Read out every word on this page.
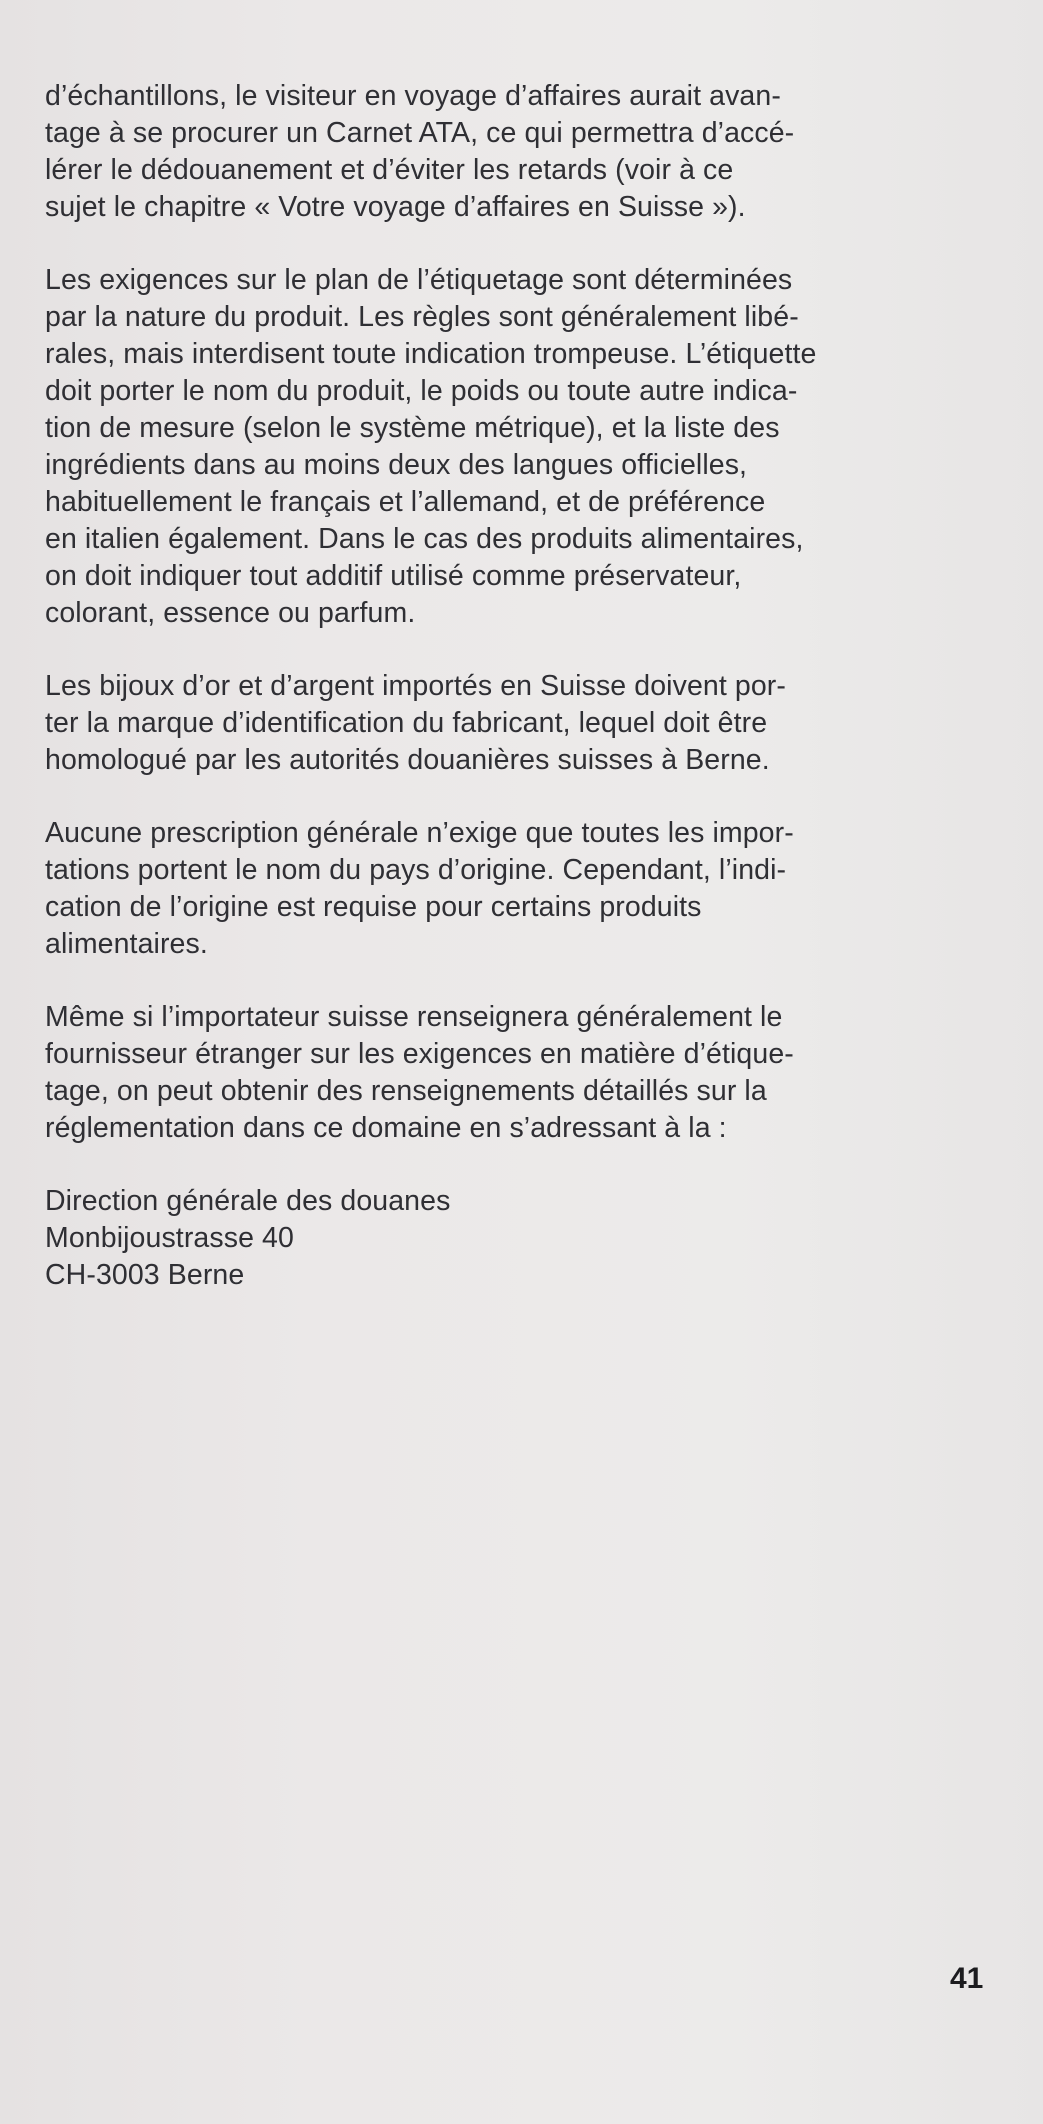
d’échantillons, le visiteur en voyage d’affaires aurait avan-
tage à se procurer un Carnet ATA, ce qui permettra d’accé-
lérer le dédouanement et d’éviter les retards (voir à ce
sujet le chapitre « Votre voyage d’affaires en Suisse »).

Les exigences sur le plan de l’étiquetage sont déterminées
par la nature du produit. Les règles sont généralement libé-
rales, mais interdisent toute indication trompeuse. L’étiquette
doit porter le nom du produit, le poids ou toute autre indica-
tion de mesure (selon le système métrique), et la liste des
ingrédients dans au moins deux des langues officielles,
habituellement le français et l’allemand, et de préférence
en italien également. Dans le cas des produits alimentaires,
on doit indiquer tout additif utilisé comme préservateur,
colorant, essence ou parfum.

Les bijoux d’or et d’argent importés en Suisse doivent por-
ter la marque d’identification du fabricant, lequel doit être
homologué par les autorités douanières suisses à Berne.

Aucune prescription générale n’exige que toutes les impor-
tations portent le nom du pays d’origine. Cependant, l’indi-
cation de l’origine est requise pour certains produits
alimentaires.

Même si l’importateur suisse renseignera généralement le
fournisseur étranger sur les exigences en matière d’étique-
tage, on peut obtenir des renseignements détaillés sur la
réglementation dans ce domaine en s’adressant à la :

Direction générale des douanes
Monbijoustrasse 40
CH-3003 Berne

41
